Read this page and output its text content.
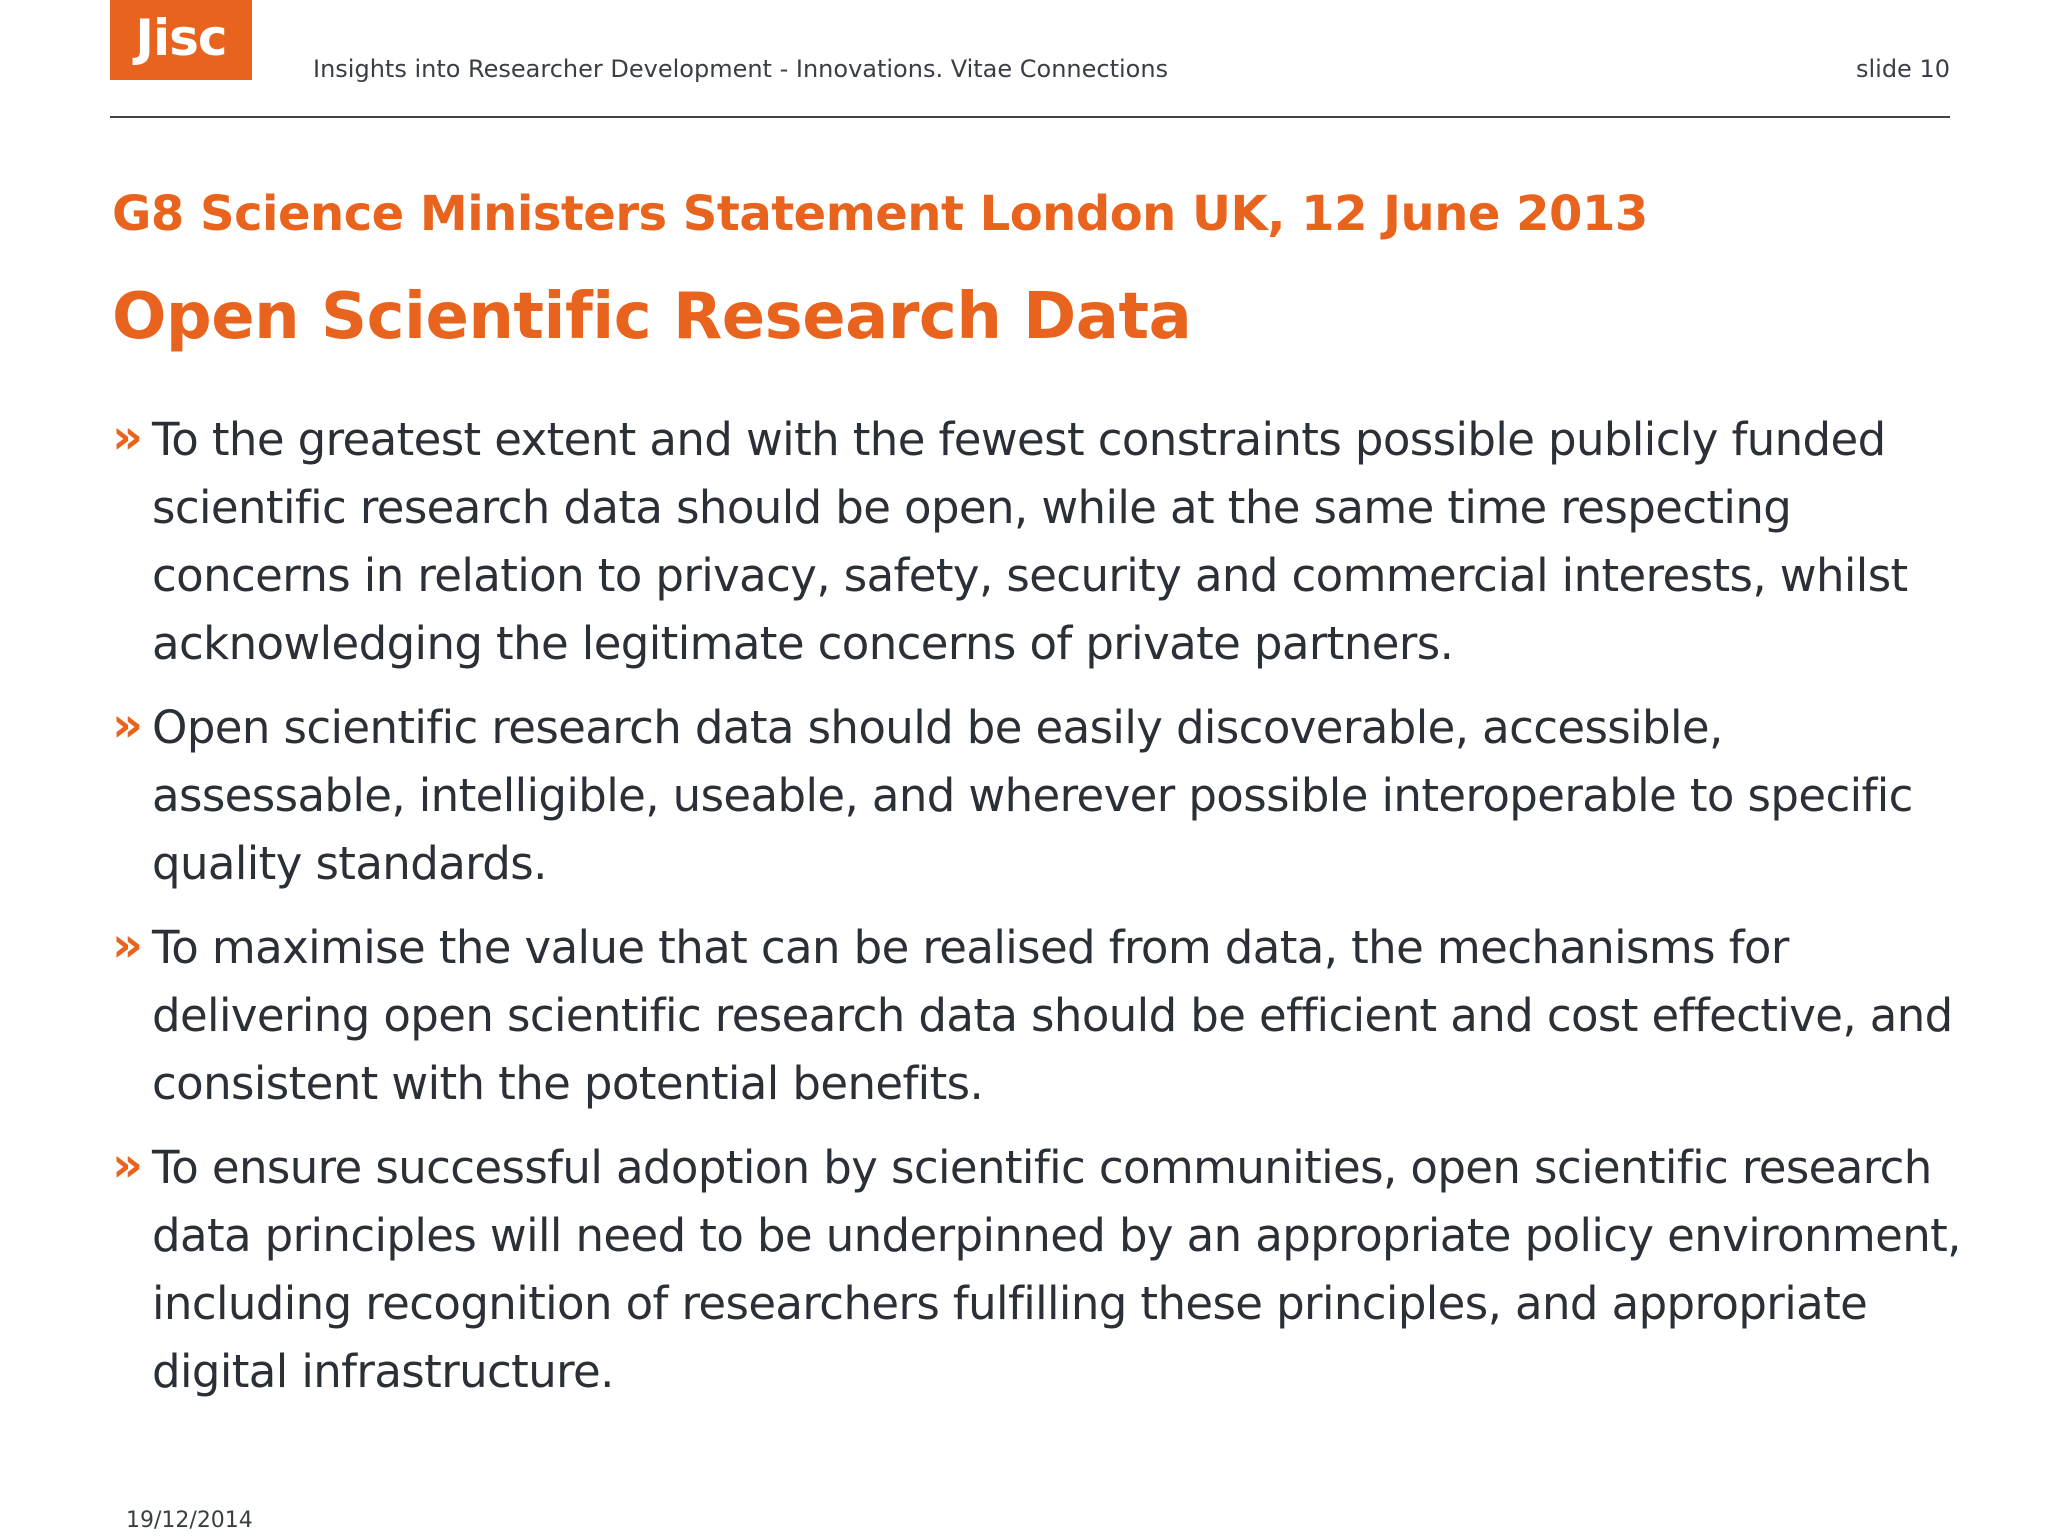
Jisc
Insights into Researcher Development - Innovations. Vitae Connections	slide 10
G8 Science Ministers Statement London UK, 12 June 2013
Open Scientific Research Data
» To the greatest extent and with the fewest constraints possible publicly funded scientific research data should be open, while at the same time respecting concerns in relation to privacy, safety, security and commercial interests, whilst acknowledging the legitimate concerns of private partners.
» Open scientific research data should be easily discoverable, accessible, assessable, intelligible, useable, and wherever possible interoperable to specific quality standards.
» To maximise the value that can be realised from data, the mechanisms for delivering open scientific research data should be efficient and cost effective, and consistent with the potential benefits.
» To ensure successful adoption by scientific communities, open scientific research data principles will need to be underpinned by an appropriate policy environment, including recognition of researchers fulfilling these principles, and appropriate digital infrastructure.
19/12/2014
